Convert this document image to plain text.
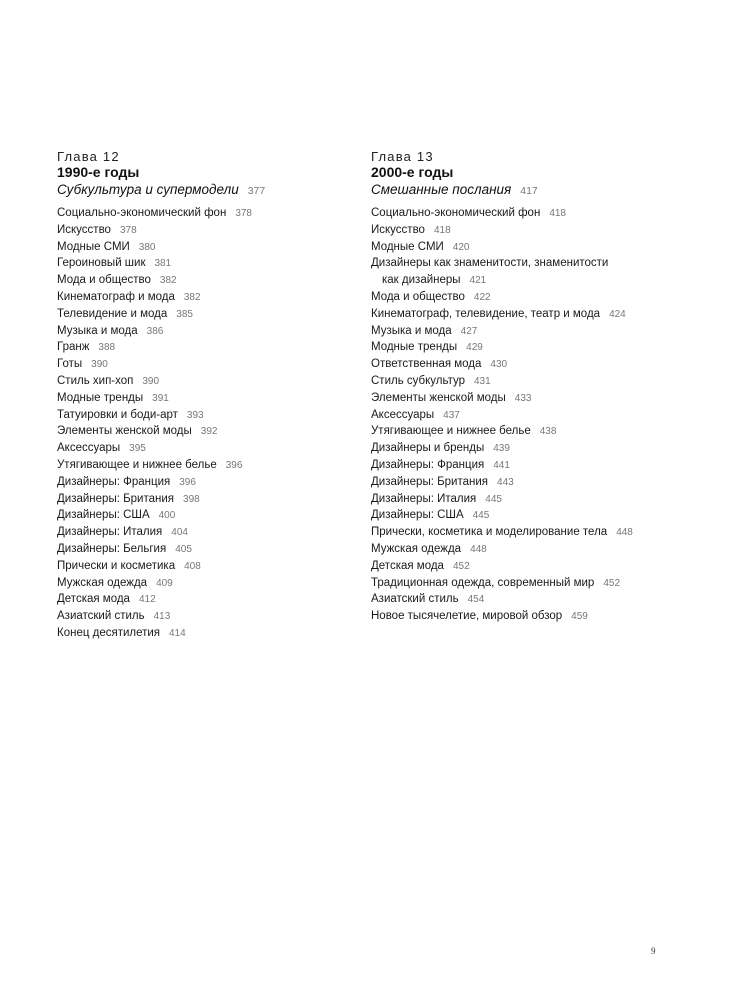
Глава 12
1990-е годы
Субкультура и супермодели 377
Социально-экономический фон 378
Искусство 378
Модные СМИ 380
Героиновый шик 381
Мода и общество 382
Кинематограф и мода 382
Телевидение и мода 385
Музыка и мода 386
Гранж 388
Готы 390
Стиль хип-хоп 390
Модные тренды 391
Татуировки и боди-арт 393
Элементы женской моды 392
Аксессуары 395
Утягивающее и нижнее белье 396
Дизайнеры: Франция 396
Дизайнеры: Британия 398
Дизайнеры: США 400
Дизайнеры: Италия 404
Дизайнеры: Бельгия 405
Прически и косметика 408
Мужская одежда 409
Детская мода 412
Азиатский стиль 413
Конец десятилетия 414
Глава 13
2000-е годы
Смешанные послания 417
Социально-экономический фон 418
Искусство 418
Модные СМИ 420
Дизайнеры как знаменитости, знаменитости
как дизайнеры 421
Мода и общество 422
Кинематограф, телевидение, театр и мода 424
Музыка и мода 427
Модные тренды 429
Ответственная мода 430
Стиль субкультур 431
Элементы женской моды 433
Аксессуары 437
Утягивающее и нижнее белье 438
Дизайнеры и бренды 439
Дизайнеры: Франция 441
Дизайнеры: Британия 443
Дизайнеры: Италия 445
Дизайнеры: США 445
Прически, косметика и моделирование тела 448
Мужская одежда 448
Детская мода 452
Традиционная одежда, современный мир 452
Азиатский стиль 454
Новое тысячелетие, мировой обзор 459
9
